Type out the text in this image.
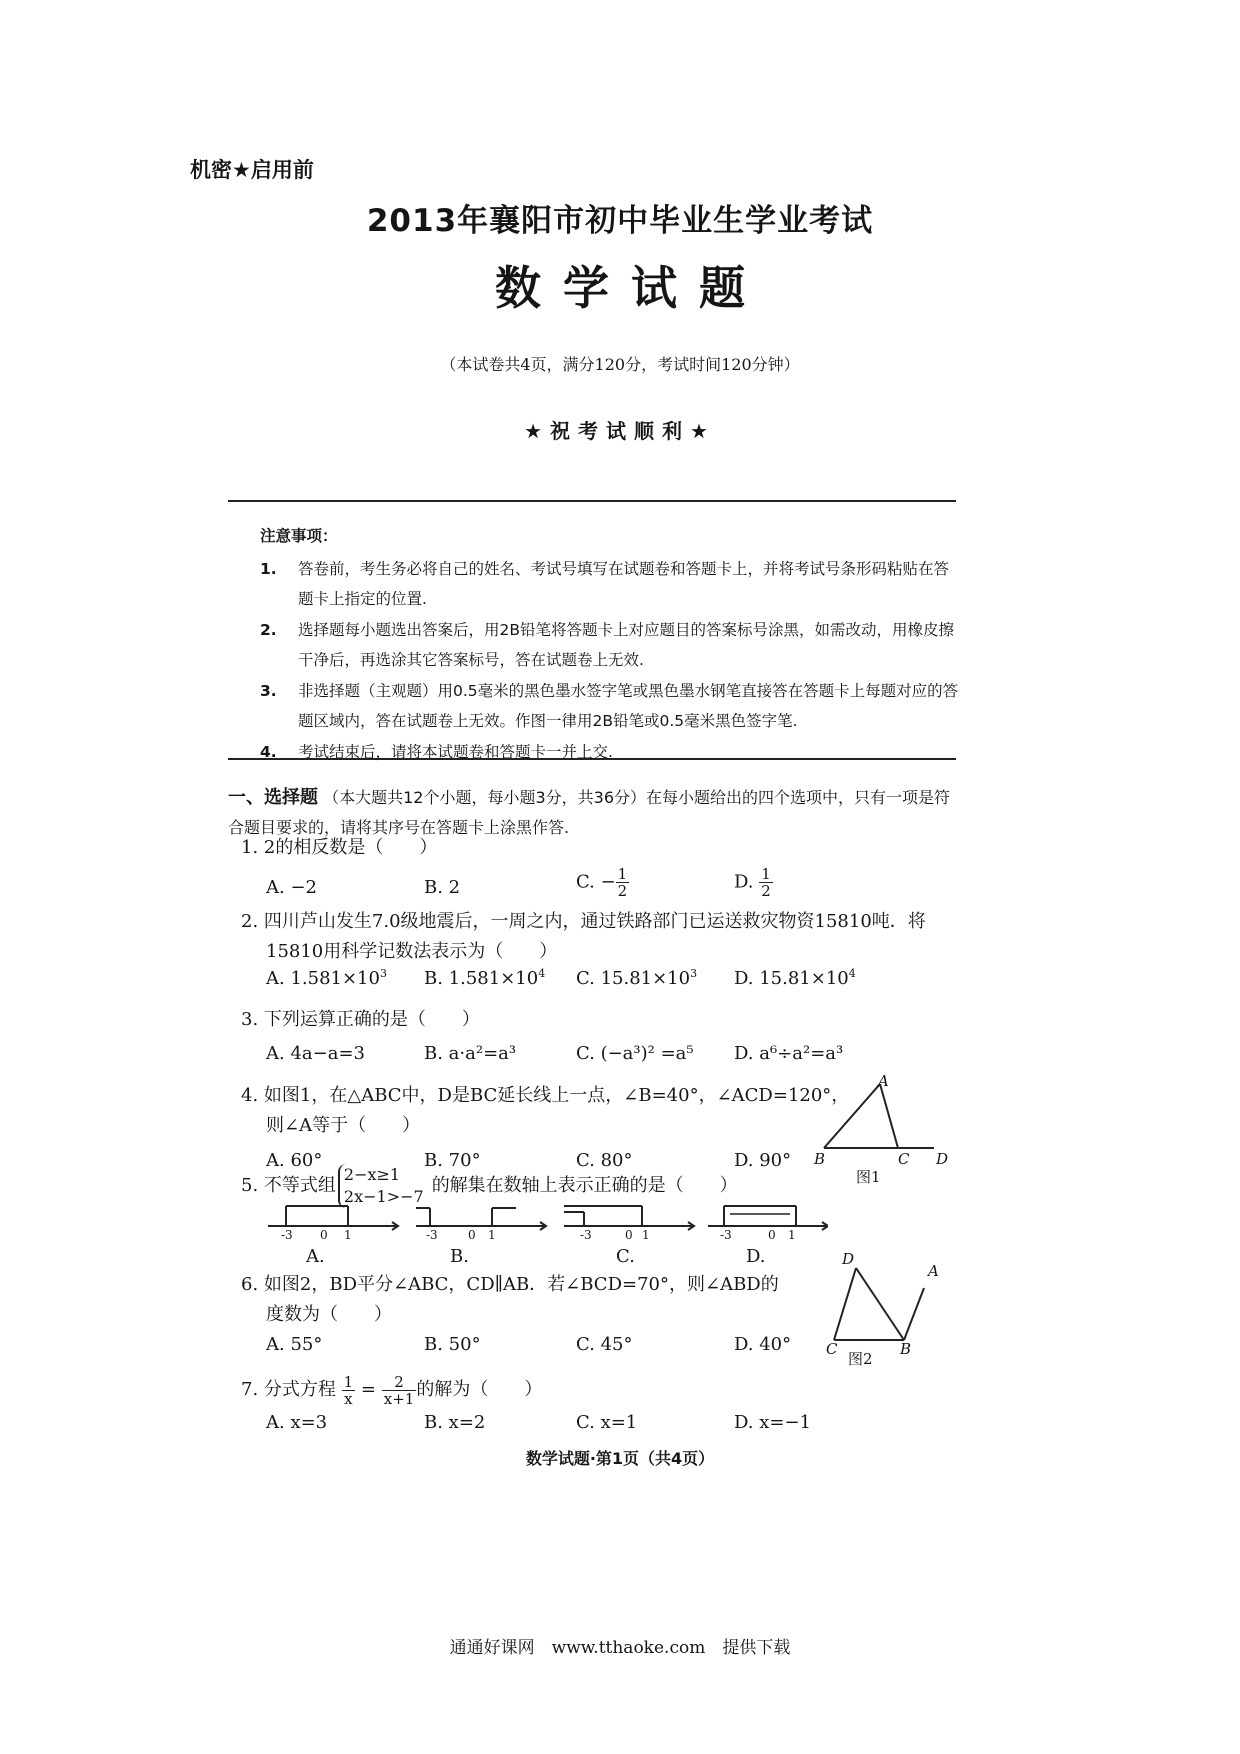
机密★启用前
2013年襄阳市初中毕业生学业考试
数学试题
（本试卷共4页，满分120分，考试时间120分钟）
★祝考试顺利★
注意事项：
1.	答卷前，考生务必将自己的姓名、考试号填写在试题卷和答题卡上，并将考试号条形码粘贴在答题卡上指定的位置.
2.	选择题每小题选出答案后，用2B铅笔将答题卡上对应题目的答案标号涂黑，如需改动，用橡皮擦干净后，再选涂其它答案标号，答在试题卷上无效.
3.	非选择题（主观题）用0.5毫米的黑色墨水签字笔或黑色墨水钢笔直接答在答题卡上每题对应的答题区域内，答在试题卷上无效。作图一律用2B铅笔或0.5毫米黑色签字笔.
4.	考试结束后，请将本试题卷和答题卡一并上交.
一、选择题 （本大题共12个小题，每小题3分，共36分）在每小题给出的四个选项中，只有一项是符合题目要求的，请将其序号在答题卡上涂黑作答.
1. 2的相反数是（　　）
A. −2	B. 2	C. − $\frac{1}{2}$	D. $\frac{1}{2}$
2. 四川芦山发生7.0级地震后，一周之内，通过铁路部门已运送救灾物资15810吨．将
15810用科学记数法表示为（　　）
A. $1.581\times 10^3$ B. $1.581\times 10^4$ C. $15.81\times 10^3$ D. $15.81\times 10^4$
3. 下列运算正确的是（　　）
A. 4a−a=3	B. a·a²=a³	C. (−a³)² =a⁵ D. a⁶÷a²=a³
4. 如图1，在△ABC中，D是BC延长线上一点，∠B=40°，∠ACD=120°，
则∠A等于（　　）
A. 60°	B. 70°	C. 80°	D. 90°
A
B	C D
图1
5. 不等式组
2−x≥1
2x−1>−7
的解集在数轴上表示正确的是（　　）
-3 0 1	-3	0 1	-3	0 1	-3	0 1
A.	B.	C.	D.
6. 如图2，BD平分∠ABC，CD∥AB．若∠BCD=70°，则∠ABD的
度数为（　　）
A. 55°	B. 50°	C. 45°	D. 40°
D
A
C	B
图2
7. 分式方程 $\frac{1}{x} = \frac{2}{x+1}$ 的解为（　　）
A. x=3	B. x=2	C. x=1	D. x=−1
数学试题·第1页（共4页）
通通好课网　www.tthaoke.com　提供下载
